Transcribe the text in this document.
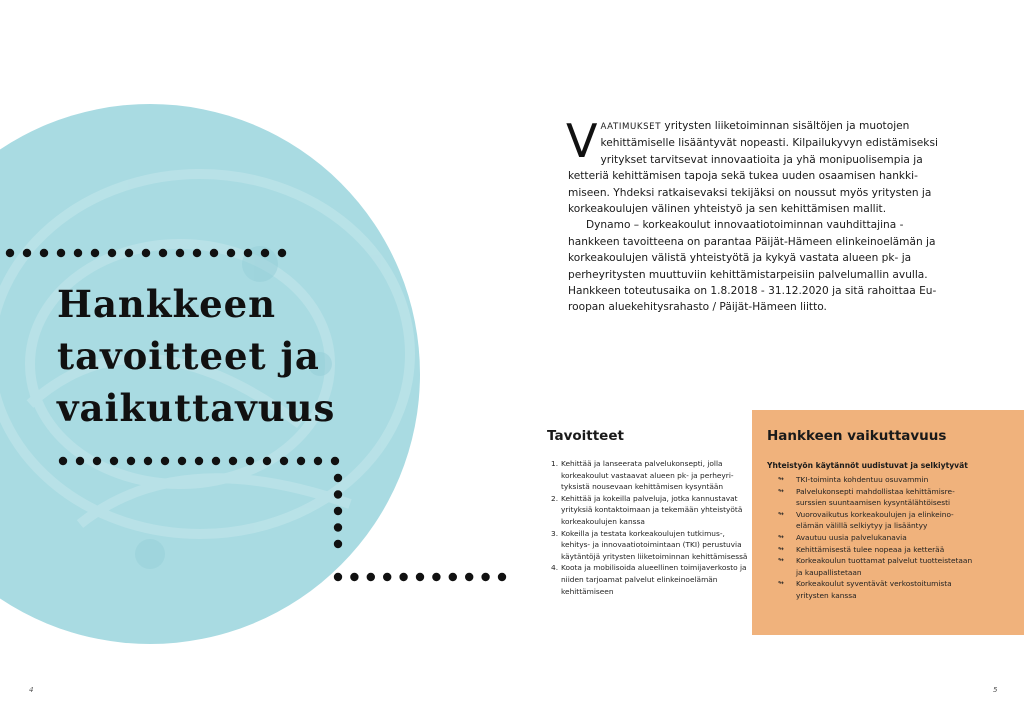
Hankkeen
tavoitteet ja
vaikuttavuus

VAATIMUKSET yritysten liiketoiminnan sisältöjen ja muotojen kehittämiselle lisääntyvät nopeasti. Kilpailukyvyn edistämiseksi yritykset tarvitsevat innovaatioita ja yhä monipuolisempia ja ketteriä kehittämisen tapoja sekä tukea uuden osaamisen hankkimiseen. Yhdeksi ratkaisevaksi tekijäksi on noussut myös yritysten ja korkeakoulujen välinen yhteistyö ja sen kehittämisen mallit.

Dynamo – korkeakoulut innovaatiotoiminnan vauhdittajina -hankkeen tavoitteena on parantaa Päijät-Hämeen elinkeinoelämän ja korkeakoulujen välistä yhteistyötä ja kykyä vastata alueen pk- ja perheyritysten muuttuviin kehittämistarpeisiin palvelumallin avulla. Hankkeen toteutusaika on 1.8.2018 - 31.12.2020 ja sitä rahoittaa Euroopan aluekehitysrahasto / Päijät-Hämeen liitto.

Tavoitteet
1. Kehittää ja lanseerata palvelukonsepti, jolla korkeakoulut vastaavat alueen pk- ja perheyrityksistä nousevaan kehittämisen kysyntään
2. Kehittää ja kokeilla palveluja, jotka kannustavat yrityksiä kontaktoimaan ja tekemään yhteistyötä korkeakoulujen kanssa
3. Kokeilla ja testata korkeakoulujen tutkimus-, kehitys- ja innovaatiotoimintaan (TKI) perustuvia käytäntöjä yritysten liiketoiminnan kehittämisessä
4. Koota ja mobilisoida alueellinen toimijaverkosto ja niiden tarjoamat palvelut elinkeinoelämän kehittämiseen
Hankkeen vaikuttavuus

Yhteistyön käytännöt uudistuvat ja selkiytyvät

↬ TKI-toiminta kohdentuu osuvammin
↬ Palvelukonsepti mahdollistaa kehittämisresurssien suuntaamisen kysyntälähtöisesti
↬ Vuorovaikutus korkeakoulujen ja elinkeinoelämän välillä selkiytyy ja lisääntyy
↬ Avautuu uusia palvelukanavia
↬ Kehittämisestä tulee nopeaa ja ketterää
↬ Korkeakoulun tuottamat palvelut tuotteistetaan ja kaupallistetaan
↬ Korkeakoulut syventävät verkostoitumista yritysten kanssa
4	5
